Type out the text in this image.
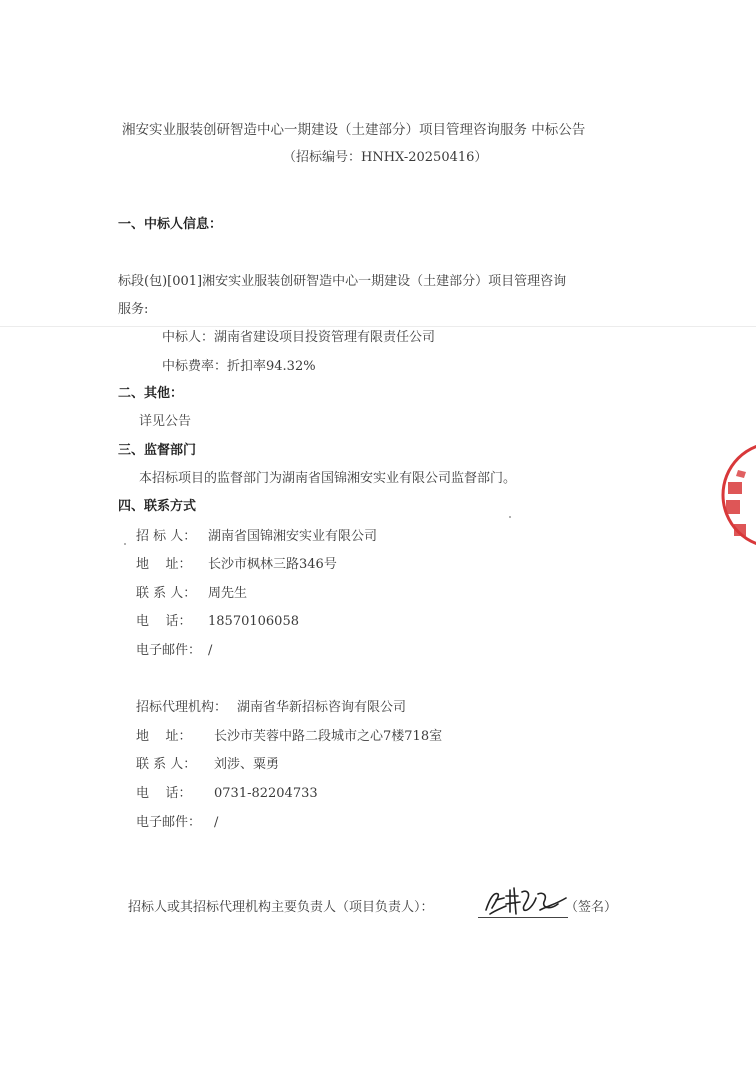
湘安实业服装创研智造中心一期建设（土建部分）项目管理咨询服务 中标公告
（招标编号：HNHX-20250416）
一、中标人信息：
标段(包)[001]湘安实业服装创研智造中心一期建设（土建部分）项目管理咨询
服务:
中标人：湖南省建设项目投资管理有限责任公司
中标费率：折扣率94.32%
二、其他：
详见公告
三、监督部门
本招标项目的监督部门为湖南省国锦湘安实业有限公司监督部门。
四、联系方式
招 标 人： 湖南省国锦湘安实业有限公司
地    址： 长沙市枫林三路346号
联 系 人： 周先生
电    话： 18570106058
电子邮件： /
招标代理机构： 湖南省华新招标咨询有限公司
地    址： 长沙市芙蓉中路二段城市之心7楼718室
联 系 人： 刘涉、粟勇
电    话： 0731-82204733
电子邮件： /
招标人或其招标代理机构主要负责人（项目负责人）：	（签名）
